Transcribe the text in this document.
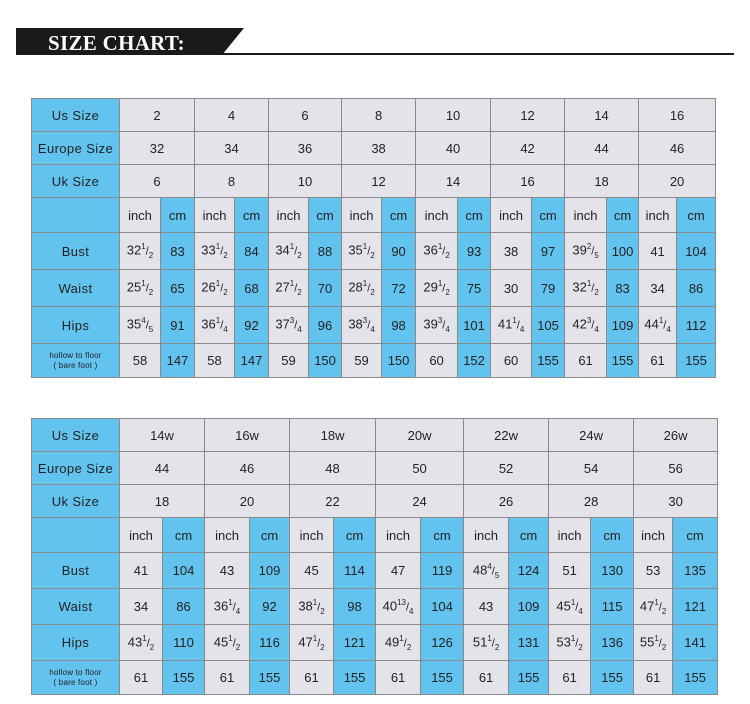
SIZE CHART:
Us Size	2		4		6		8		10		12		14		16	
Europe Size	32		34		36		38		40		42		44		46	
Uk Size	6		8		10		12		14		16		18		20	
	inch	cm	inch	cm	inch	cm	inch	cm	inch	cm	inch	cm	inch	cm	inch	cm
Bust	$32^1/_2$	83	$33^1/_2$	84	$34^1/_2$	88	$35^1/_2$	90	$36^1/_2$	93	38	97	$39^2/_5$	100	41	104
Waist	$25^1/_2$	65	$26^1/_2$	68	$27^1/_2$	70	$28^1/_2$	72	$29^1/_2$	75	30	79	$32^1/_2$	83	34	86
Hips	$35^4/_5$	91	$36^1/_4$	92	$37^3/_4$	96	$38^3/_4$	98	$39^3/_4$	101	$41^1/_4$	105	$42^3/_4$	109	$44^1/_4$	112

hollow to floor
( bare foot )	58	147	58	147	59	150	59	150	60	152	60	155	61	155	61	155
Us Size	14w		16w		18w		20w		22w		24w		26w	
Europe Size	44		46		48		50		52		54		56	
Uk Size	18		20		22		24		26		28		30	
	inch	cm	inch	cm	inch	cm	inch	cm	inch	cm	inch	cm	inch	cm
Bust	41	104	43	109	45	114	47	119	$48^4/_5$	124	51	130	53	135
Waist	34	86	$36^1/_4$	92	$38^1/_2$	98	$40^{13}/_4$	104	43	109	$45^1/_4$	115	$47^1/_2$	121
Hips	$43^1/_2$	110	$45^1/_2$	116	$47^1/_2$	121	$49^1/_2$	126	$51^1/_2$	131	$53^1/_2$	136	$55^1/_2$	141

hollow to floor
( bare foot )	61	155	61	155	61	155	61	155	61	155	61	155	61	155
